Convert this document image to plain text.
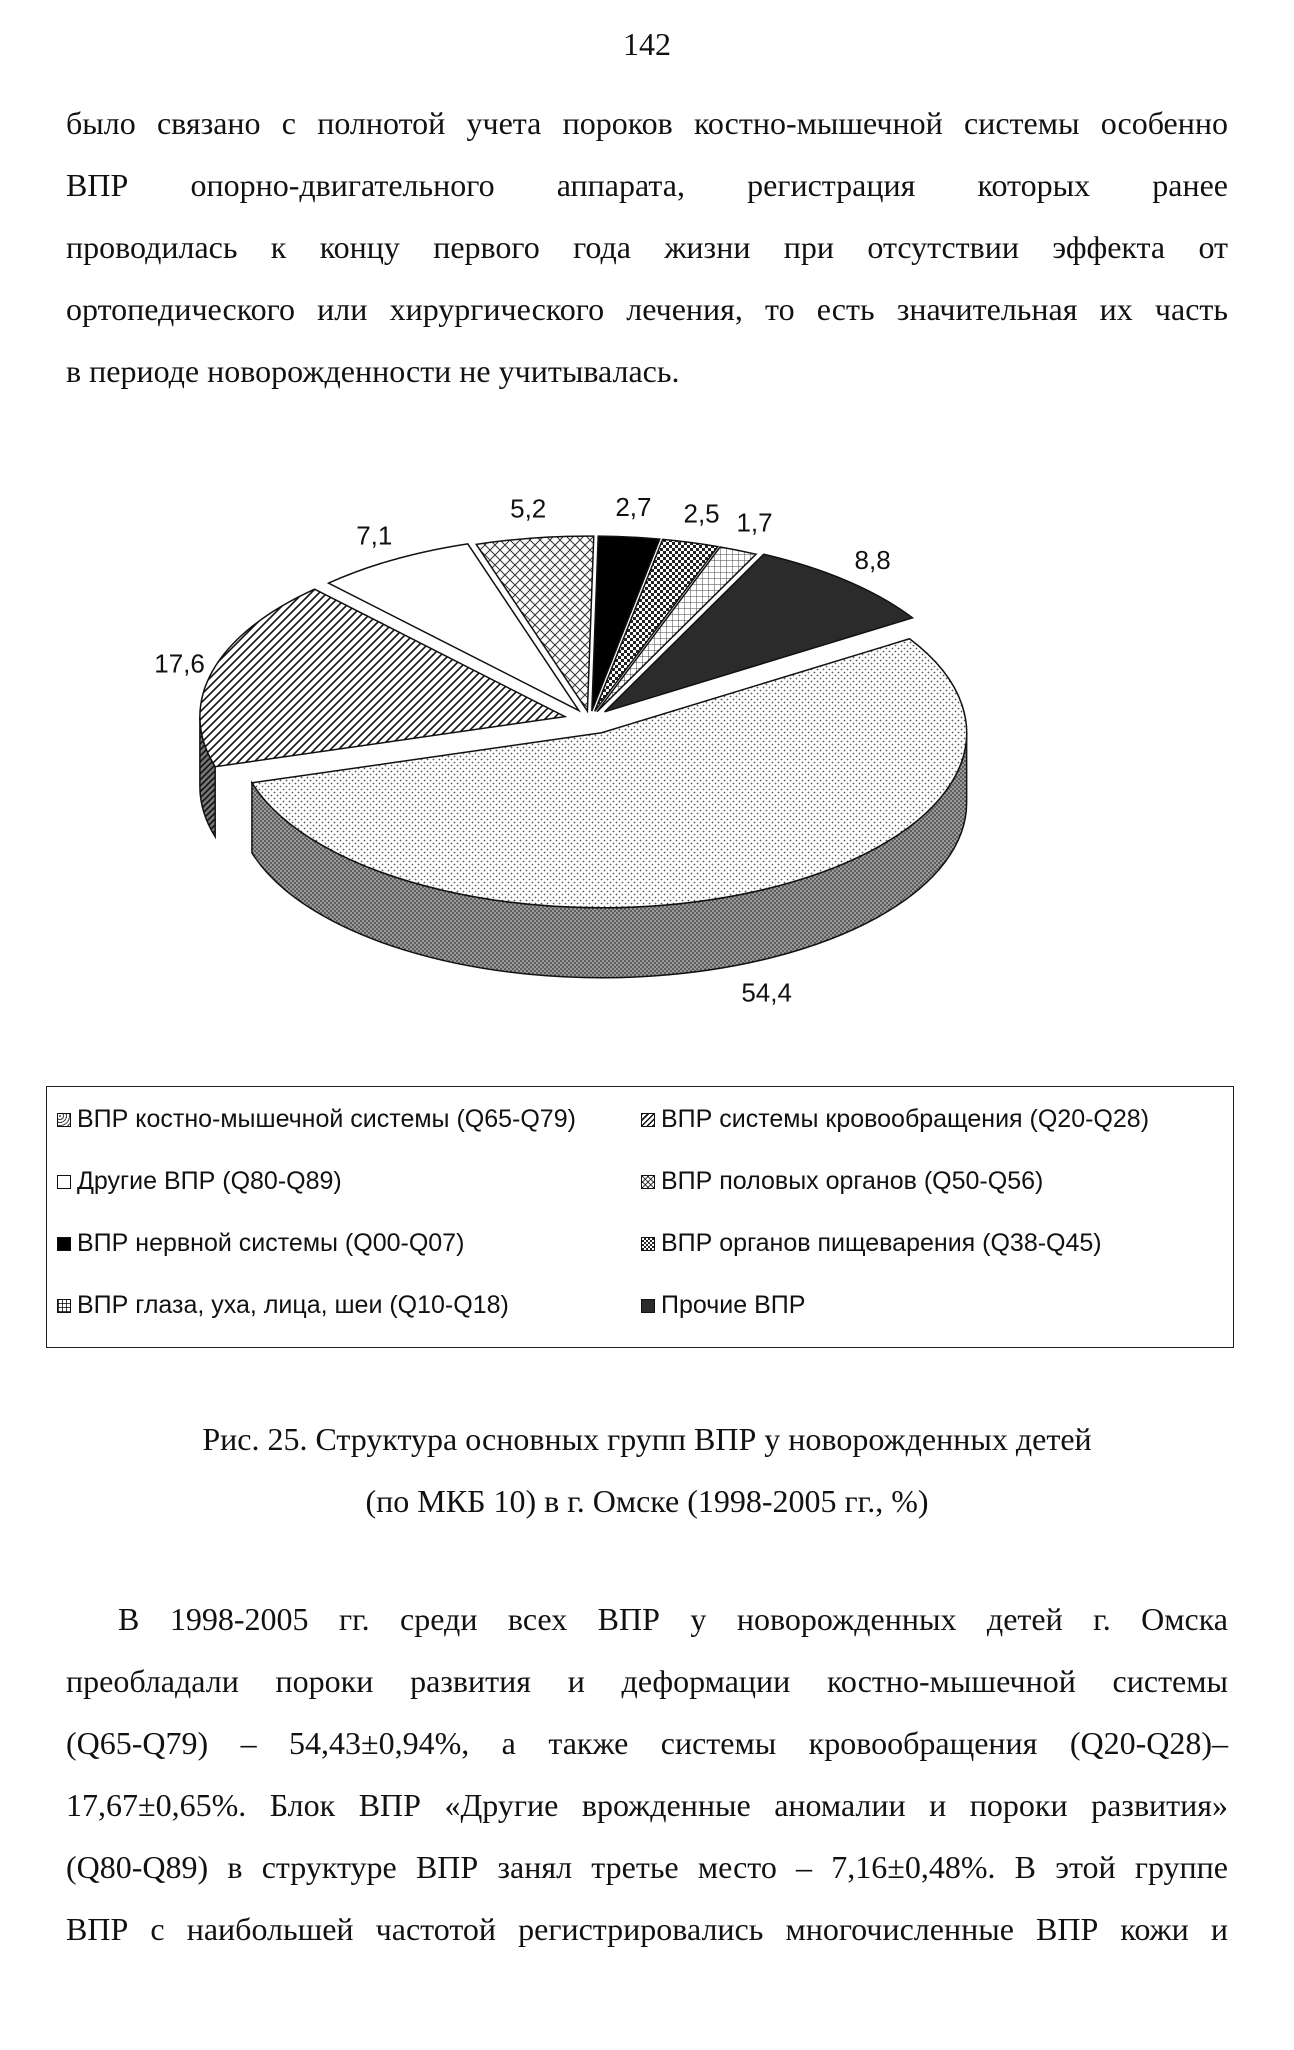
142
было связано с полнотой учета пороков костно-мышечной системы особенно
ВПР опорно-двигательного аппарата, регистрация которых ранее
проводилась к концу первого года жизни при отсутствии эффекта от
ортопедического или хирургического лечения, то есть значительная их часть
в периоде новорожденности не учитывалась.
54,4
17,6
7,1
5,2	2,7 2,5 1,7
8,8
ВПР костно-мышечной системы (Q65-Q79)	ВПР системы кровообращения (Q20-Q28)
Другие ВПР (Q80-Q89)	ВПР половых органов (Q50-Q56)
ВПР нервной системы (Q00-Q07)	ВПР органов пищеварения (Q38-Q45)
ВПР глаза, уха, лица, шеи (Q10-Q18)	Прочие ВПР
Рис. 25. Структура основных групп ВПР у новорожденных детей
(по МКБ 10) в г. Омске (1998-2005 гг., %)
В 1998-2005 гг. среди всех ВПР у новорожденных детей г. Омска
преобладали пороки развития и деформации костно-мышечной системы
(Q65-Q79) – 54,43±0,94%, а также системы кровообращения (Q20-Q28)–
17,67±0,65%. Блок ВПР «Другие врожденные аномалии и пороки развития»
(Q80-Q89) в структуре ВПР занял третье место – 7,16±0,48%. В этой группе
ВПР с наибольшей частотой регистрировались многочисленные ВПР кожи и
